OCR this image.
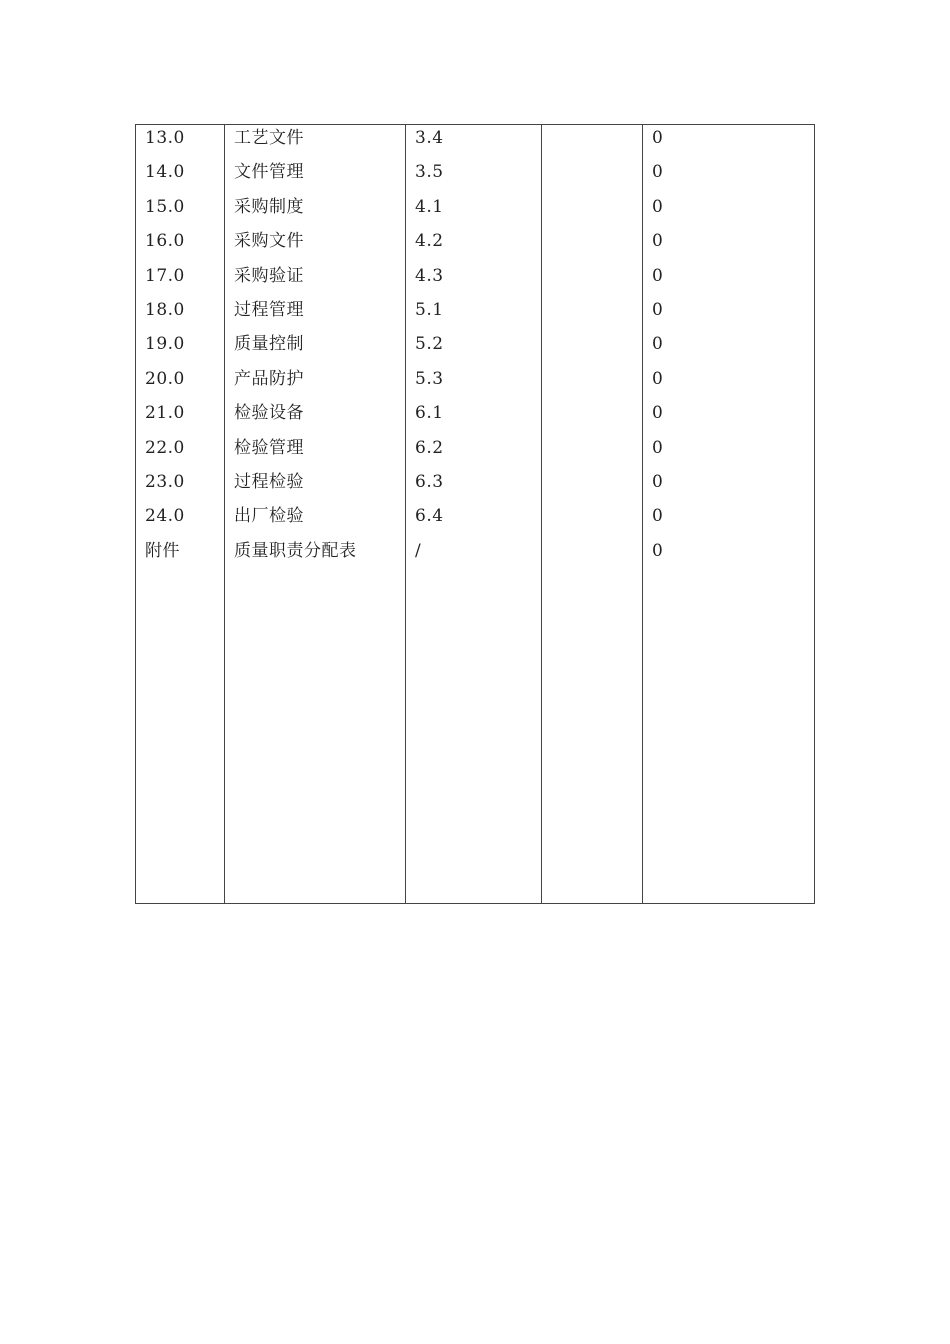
13.0
14.0
15.0
16.0
17.0
18.0
19.0
20.0
21.0
22.0
23.0
24.0
附件
工艺文件
文件管理
采购制度
采购文件
采购验证
过程管理
质量控制
产品防护
检验设备
检验管理
过程检验
出厂检验
质量职责分配表
3.4
3.5
4.1
4.2
4.3
5.1
5.2
5.3
6.1
6.2
6.3
6.4
/
0
0
0
0
0
0
0
0
0
0
0
0
0
